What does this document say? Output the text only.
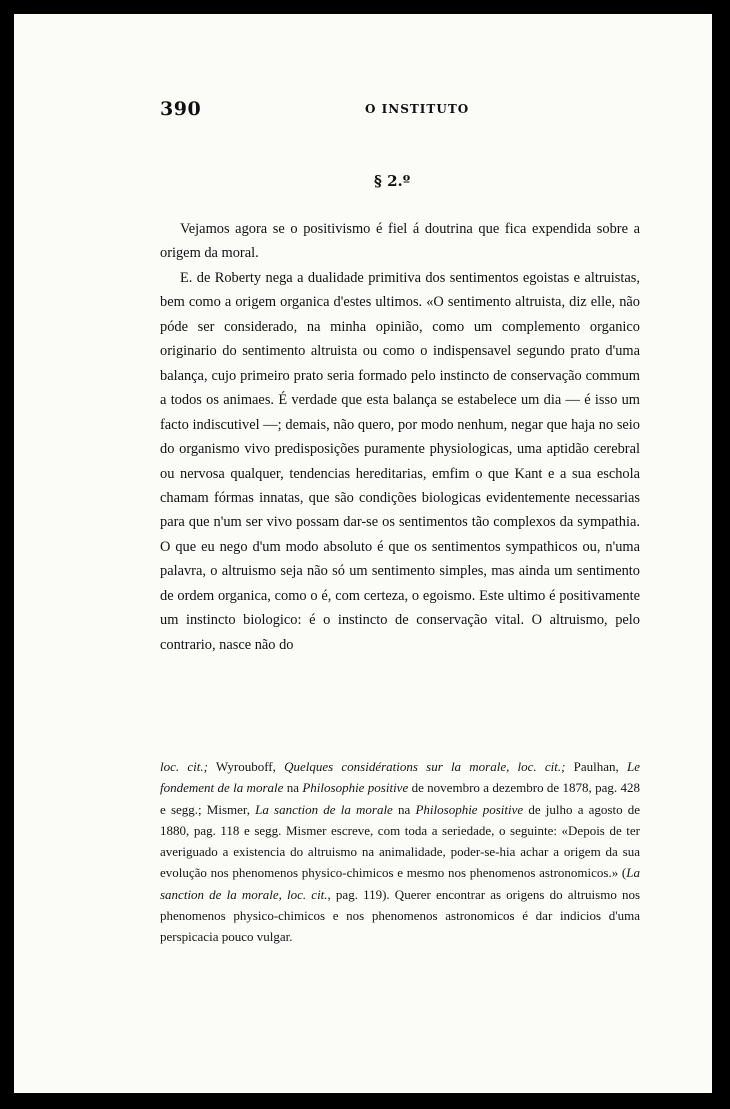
390	O INSTITUTO
§ 2.º

Vejamos agora se o positivismo é fiel á doutrina que fica expendida sobre a origem da moral.

E. de Roberty nega a dualidade primitiva dos sentimentos egoistas e altruistas, bem como a origem organica d'estes ultimos. «O sentimento altruista, diz elle, não póde ser considerado, na minha opinião, como um complemento organico originario do sentimento altruista ou como o indispensavel segundo prato d'uma balança, cujo primeiro prato seria formado pelo instincto de conservação commum a todos os animaes. É verdade que esta balança se estabelece um dia — é isso um facto indiscutivel —; demais, não quero, por modo nenhum, negar que haja no seio do organismo vivo predisposições puramente physiologicas, uma aptidão cerebral ou nervosa qualquer, tendencias hereditarias, emfim o que Kant e a sua eschola chamam fórmas innatas, que são condições biologicas evidentemente necessarias para que n'um ser vivo possam dar-se os sentimentos tão complexos da sympathia. O que eu nego d'um modo absoluto é que os sentimentos sympathicos ou, n'uma palavra, o altruismo seja não só um sentimento simples, mas ainda um sentimento de ordem organica, como o é, com certeza, o egoismo. Este ultimo é positivamente um instincto biologico: é o instincto de conservação vital. O altruismo, pelo contrario, nasce não do

loc. cit.; Wyrouboff, Quelques considérations sur la morale, loc. cit.; Paulhan, Le fondement de la morale na Philosophie positive de novembro a dezembro de 1878, pag. 428 e segg.; Mismer, La sanction de la morale na Philosophie positive de julho a agosto de 1880, pag. 118 e segg. Mismer escreve, com toda a seriedade, o seguinte: «Depois de ter averiguado a existencia do altruismo na animalidade, poder-se-hia achar a origem da sua evolução nos phenomenos physico-chimicos e mesmo nos phenomenos astronomicos.» (La sanction de la morale, loc. cit., pag. 119). Querer encontrar as origens do altruismo nos phenomenos physico-chimicos e nos phenomenos astronomicos é dar indicios d'uma perspicacia pouco vulgar.
